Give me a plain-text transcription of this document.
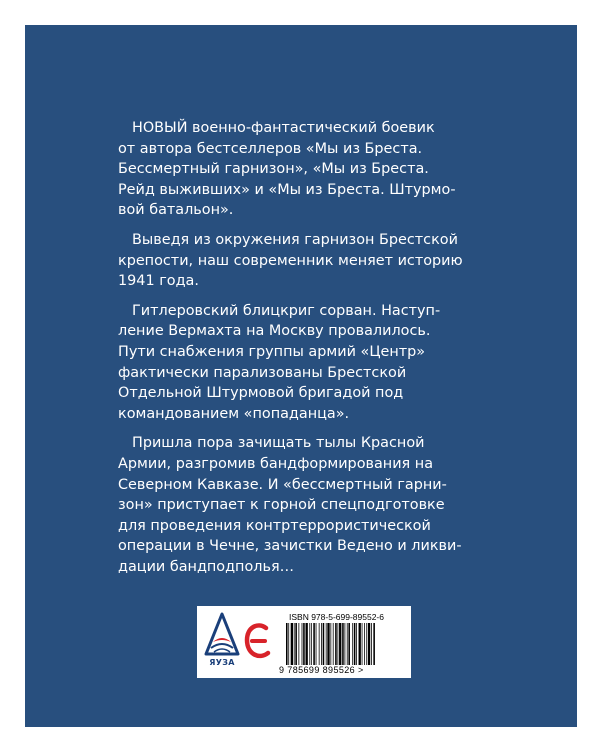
НОВЫЙ военно-фантастический боевик
от автора бестселлеров «Мы из Бреста.
Бессмертный гарнизон», «Мы из Бреста.
Рейд выживших» и «Мы из Бреста. Штурмо-
вой батальон».

Выведя из окружения гарнизон Брестской
крепости, наш современник меняет историю
1941 года.

Гитлеровский блицкриг сорван. Наступ-
ление Вермахта на Москву провалилось.
Пути снабжения группы армий «Центр»
фактически парализованы Брестской
Отдельной Штурмовой бригадой под
командованием «попаданца».

Пришла пора зачищать тылы Красной
Армии, разгромив бандформирования на
Северном Кавказе. И «бессмертный гарни-
зон» приступает к горной спецподготовке
для проведения контртеррористической
операции в Чечне, зачистки Ведено и ликви-
дации бандподполья…

ЯУЗА
ISBN 978-5-699-89552-6
9 785699 895526 >
